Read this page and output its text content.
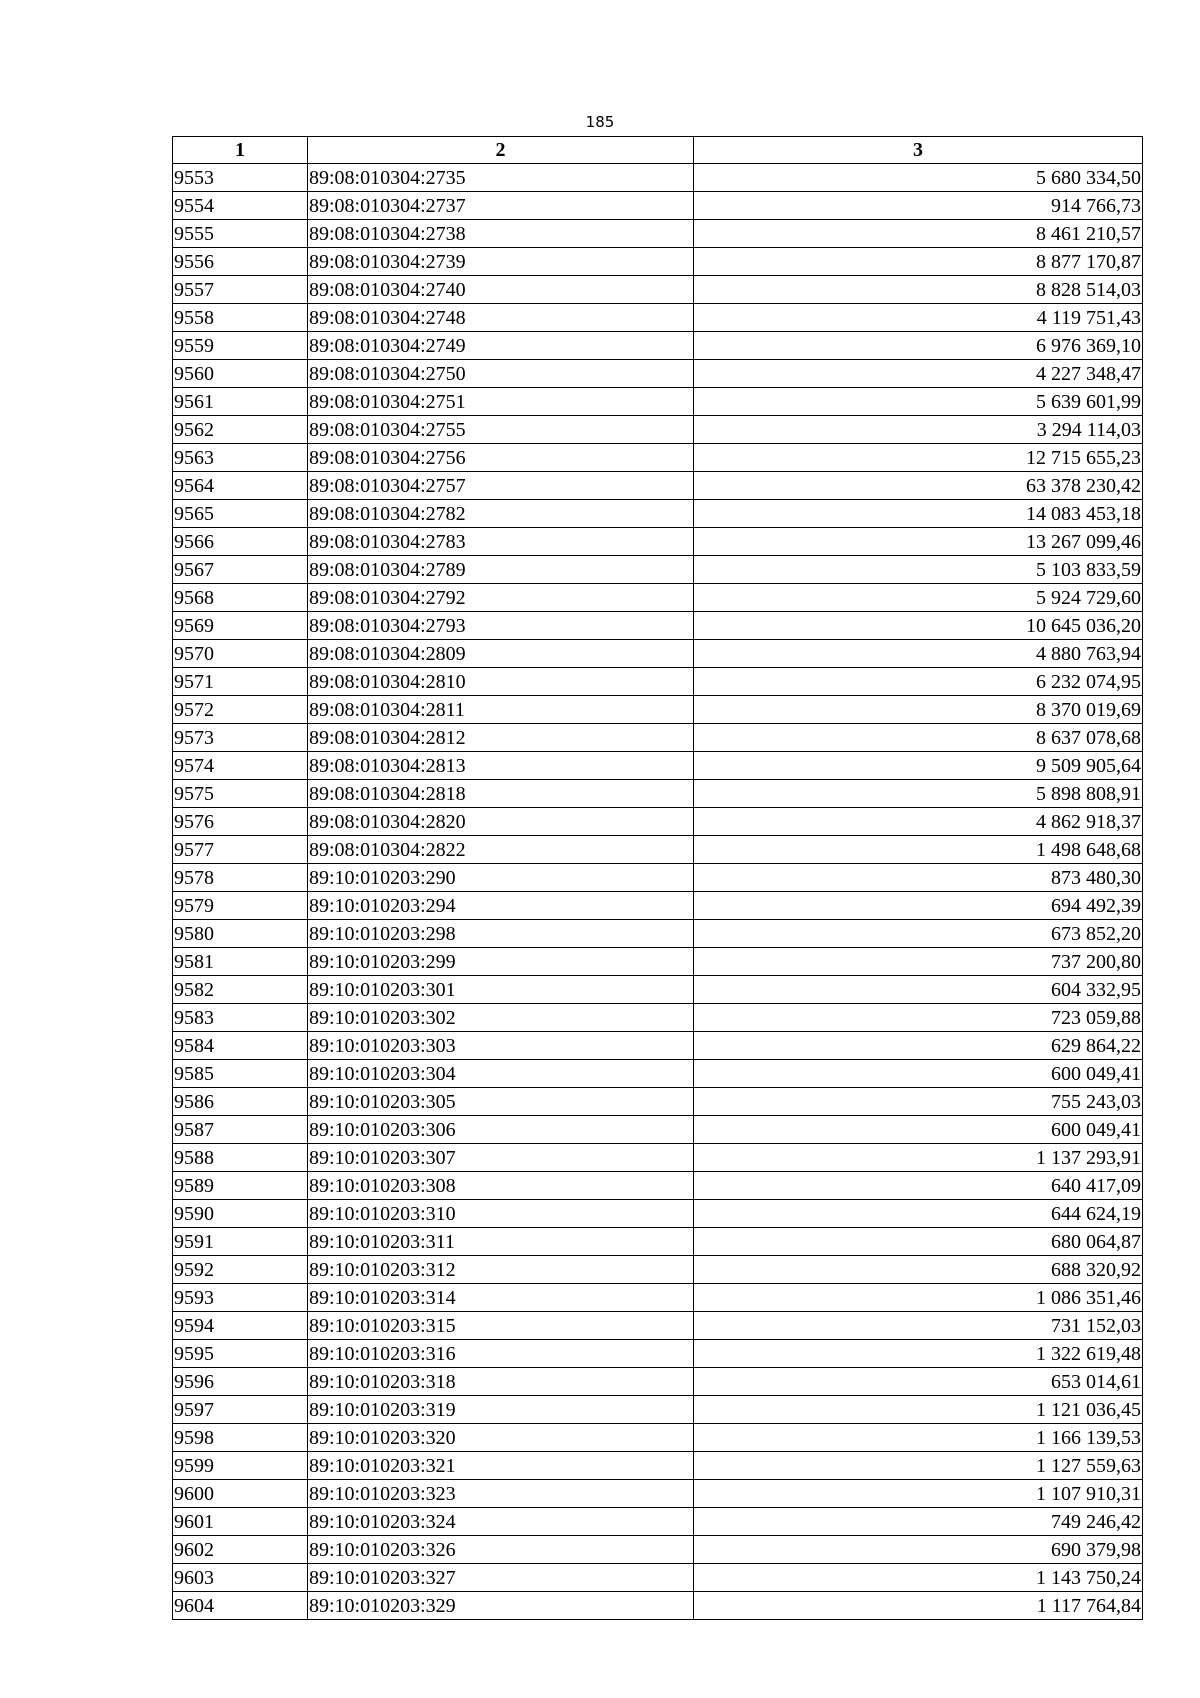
185
1	2	3
9553	89:08:010304:2735	5 680 334,50
9554	89:08:010304:2737	914 766,73
9555	89:08:010304:2738	8 461 210,57
9556	89:08:010304:2739	8 877 170,87
9557	89:08:010304:2740	8 828 514,03
9558	89:08:010304:2748	4 119 751,43
9559	89:08:010304:2749	6 976 369,10
9560	89:08:010304:2750	4 227 348,47
9561	89:08:010304:2751	5 639 601,99
9562	89:08:010304:2755	3 294 114,03
9563	89:08:010304:2756	12 715 655,23
9564	89:08:010304:2757	63 378 230,42
9565	89:08:010304:2782	14 083 453,18
9566	89:08:010304:2783	13 267 099,46
9567	89:08:010304:2789	5 103 833,59
9568	89:08:010304:2792	5 924 729,60
9569	89:08:010304:2793	10 645 036,20
9570	89:08:010304:2809	4 880 763,94
9571	89:08:010304:2810	6 232 074,95
9572	89:08:010304:2811	8 370 019,69
9573	89:08:010304:2812	8 637 078,68
9574	89:08:010304:2813	9 509 905,64
9575	89:08:010304:2818	5 898 808,91
9576	89:08:010304:2820	4 862 918,37
9577	89:08:010304:2822	1 498 648,68
9578	89:10:010203:290	873 480,30
9579	89:10:010203:294	694 492,39
9580	89:10:010203:298	673 852,20
9581	89:10:010203:299	737 200,80
9582	89:10:010203:301	604 332,95
9583	89:10:010203:302	723 059,88
9584	89:10:010203:303	629 864,22
9585	89:10:010203:304	600 049,41
9586	89:10:010203:305	755 243,03
9587	89:10:010203:306	600 049,41
9588	89:10:010203:307	1 137 293,91
9589	89:10:010203:308	640 417,09
9590	89:10:010203:310	644 624,19
9591	89:10:010203:311	680 064,87
9592	89:10:010203:312	688 320,92
9593	89:10:010203:314	1 086 351,46
9594	89:10:010203:315	731 152,03
9595	89:10:010203:316	1 322 619,48
9596	89:10:010203:318	653 014,61
9597	89:10:010203:319	1 121 036,45
9598	89:10:010203:320	1 166 139,53
9599	89:10:010203:321	1 127 559,63
9600	89:10:010203:323	1 107 910,31
9601	89:10:010203:324	749 246,42
9602	89:10:010203:326	690 379,98
9603	89:10:010203:327	1 143 750,24
9604	89:10:010203:329	1 117 764,84
